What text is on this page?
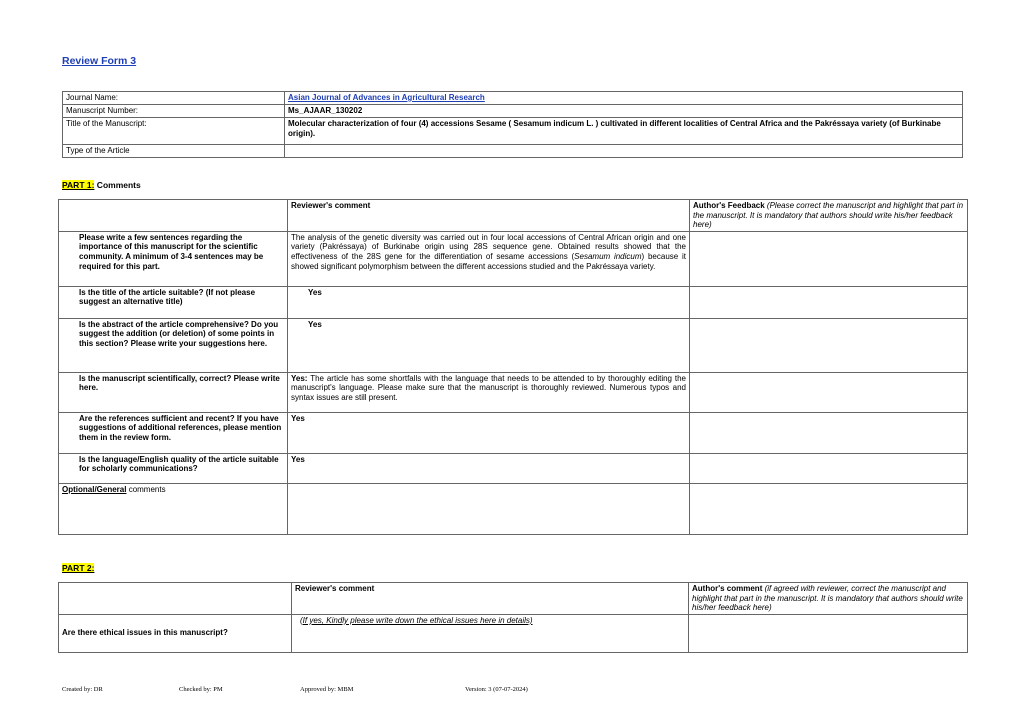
Review Form 3
Journal Name:	Asian Journal of Advances in Agricultural Research
Manuscript Number:	Ms_AJAAR_130202
Title of the Manuscript:	Molecular characterization of four (4) accessions Sesame ( Sesamum indicum L. ) cultivated in different localities of Central Africa and the Pakréssaya variety (of Burkinabe origin).
Type of the Article	
PART 1: Comments
	Reviewer's comment	Author's Feedback (Please correct the manuscript and highlight that part in the manuscript. It is mandatory that authors should write his/her feedback here)
Please write a few sentences regarding the importance of this manuscript for the scientific community. A minimum of 3-4 sentences may be required for this part.	The analysis of the genetic diversity was carried out in four local accessions of Central African origin and one variety (Pakréssaya) of Burkinabe origin using 28S sequence gene. Obtained results showed that the effectiveness of the 28S gene for the differentiation of sesame accessions (Sesamum indicum) because it showed significant polymorphism between the different accessions studied and the Pakréssaya variety.	
Is the title of the article suitable? (If not please suggest an alternative title)	Yes	
Is the abstract of the article comprehensive? Do you suggest the addition (or deletion) of some points in this section? Please write your suggestions here.	Yes	
Is the manuscript scientifically, correct? Please write here.	Yes: The article has some shortfalls with the language that needs to be attended to by thoroughly editing the manuscript's language. Please make sure that the manuscript is thoroughly reviewed. Numerous typos and syntax issues are still present.	
Are the references sufficient and recent? If you have suggestions of additional references, please mention them in the review form.	Yes	
Is the language/English quality of the article suitable for scholarly communications?	Yes	
Optional/General comments		
PART 2:
	Reviewer's comment	Author's comment (if agreed with reviewer, correct the manuscript and highlight that part in the manuscript. It is mandatory that authors should write his/her feedback here)
Are there ethical issues in this manuscript?	(If yes, Kindly please write down the ethical issues here in details)	
Created by: DR	Checked by: PM	Approved by: MBM	Version: 3 (07-07-2024)
